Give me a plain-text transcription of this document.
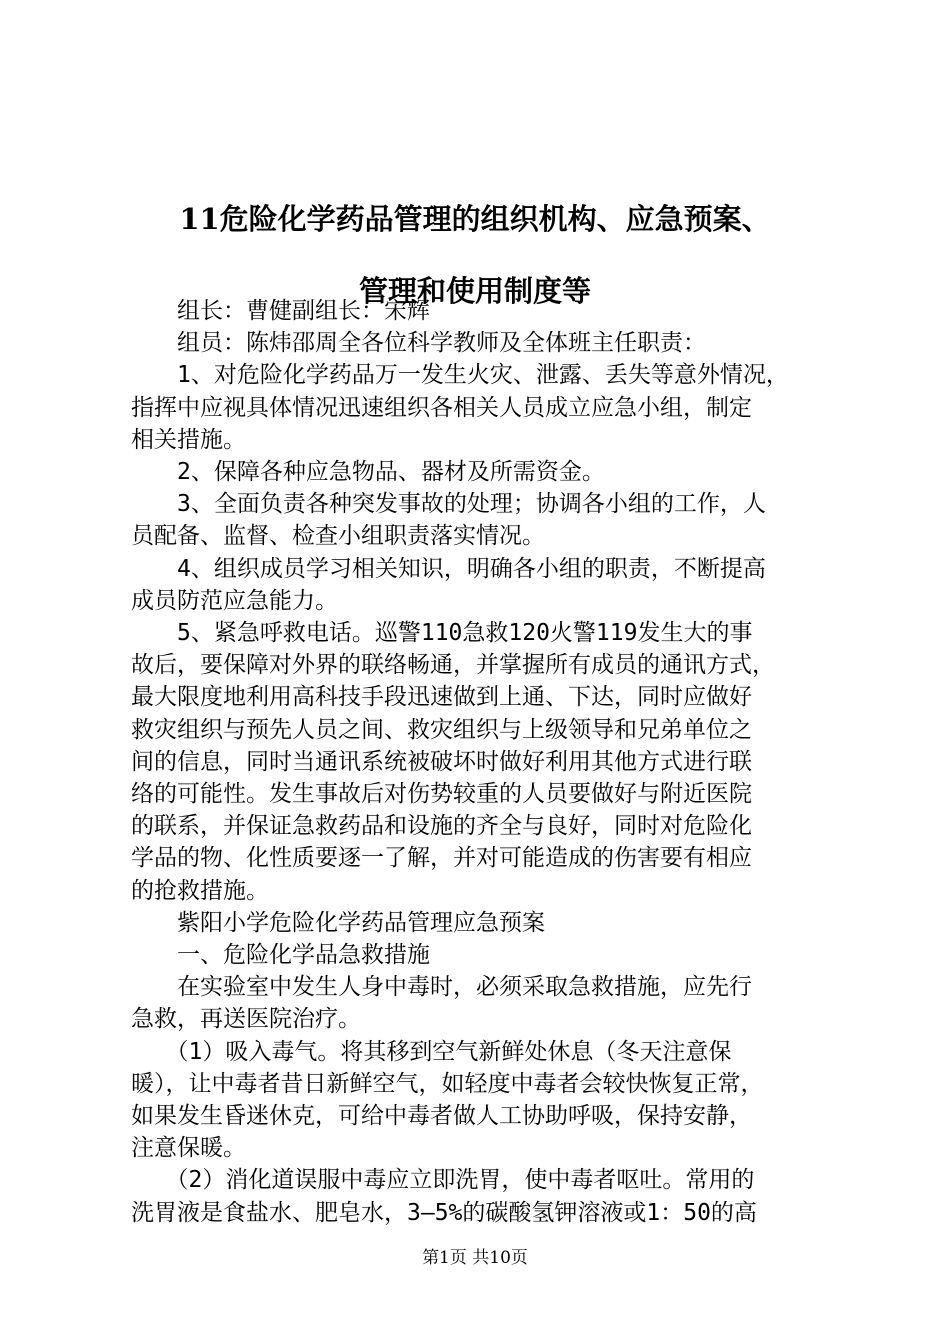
11危险化学药品管理的组织机构、应急预案、
管理和使用制度等
　　组长：曹健副组长：宋辉
　　组员：陈炜邵周全各位科学教师及全体班主任职责：
　　1、对危险化学药品万一发生火灾、泄露、丢失等意外情况，
指挥中应视具体情况迅速组织各相关人员成立应急小组，制定
相关措施。
　　2、保障各种应急物品、器材及所需资金。
　　3、全面负责各种突发事故的处理；协调各小组的工作，人
员配备、监督、检查小组职责落实情况。
　　4、组织成员学习相关知识，明确各小组的职责，不断提高
成员防范应急能力。
　　5、紧急呼救电话。巡警110急救120火警119发生大的事
故后，要保障对外界的联络畅通，并掌握所有成员的通讯方式，
最大限度地利用高科技手段迅速做到上通、下达，同时应做好
救灾组织与预先人员之间、救灾组织与上级领导和兄弟单位之
间的信息，同时当通讯系统被破坏时做好利用其他方式进行联
络的可能性。发生事故后对伤势较重的人员要做好与附近医院
的联系，并保证急救药品和设施的齐全与良好，同时对危险化
学品的物、化性质要逐一了解，并对可能造成的伤害要有相应
的抢救措施。
　　紫阳小学危险化学药品管理应急预案
　　一、危险化学品急救措施
　　在实验室中发生人身中毒时，必须采取急救措施，应先行
急救，再送医院治疗。
　　（1）吸入毒气。将其移到空气新鲜处休息（冬天注意保
暖），让中毒者昔日新鲜空气，如轻度中毒者会较快恢复正常，
如果发生昏迷休克，可给中毒者做人工协助呼吸，保持安静，
注意保暖。
　　（2）消化道误服中毒应立即洗胃，使中毒者呕吐。常用的
洗胃液是食盐水、肥皂水，3—5%的碳酸氢钾溶液或1：50的高
第1页 共10页
